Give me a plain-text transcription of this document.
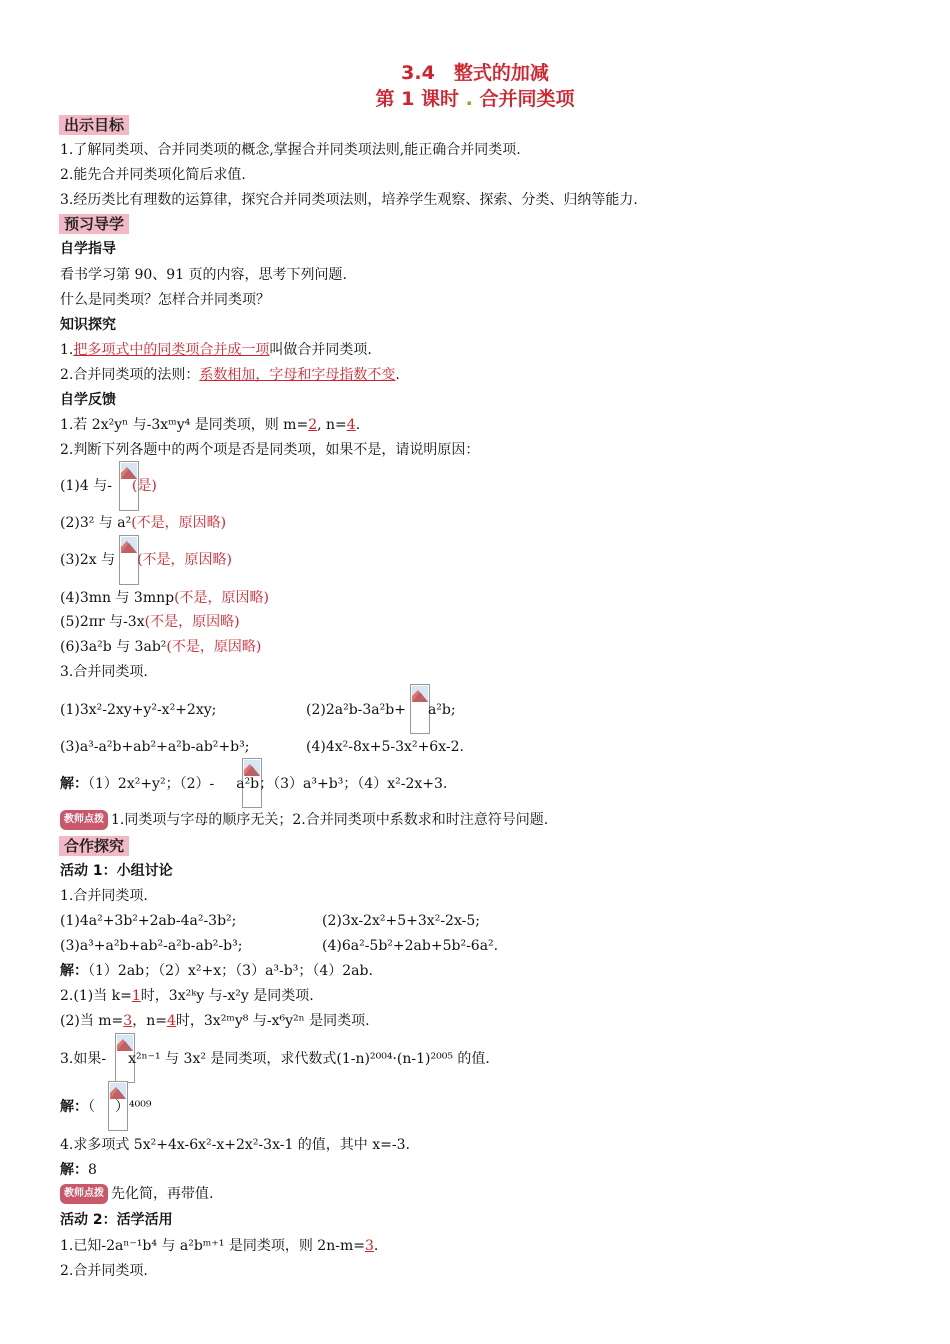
3.4　整式的加减
第 1 课时 . 合并同类项
出示目标
1.了解同类项、合并同类项的概念,掌握合并同类项法则,能正确合并同类项.
2.能先合并同类项化简后求值.
3.经历类比有理数的运算律，探究合并同类项法则，培养学生观察、探索、分类、归纳等能力.
预习导学
自学指导
看书学习第 90、91 页的内容，思考下列问题.
什么是同类项？怎样合并同类项？
知识探究
1.把多项式中的同类项合并成一项叫做合并同类项.
2.合并同类项的法则：系数相加，字母和字母指数不变.
自学反馈
1.若 2x²yⁿ 与-3xᵐy⁴ 是同类项，则 m=2, n=4.
2.判断下列各题中的两个项是否是同类项，如果不是，请说明原因：
(1)4 与- (是)
(2)3² 与 a²(不是，原因略)
(3)2x 与 (不是，原因略)
(4)3mn 与 3mnp(不是，原因略)
(5)2πr 与-3x(不是，原因略)
(6)3a²b 与 3ab²(不是，原因略)
3.合并同类项.
(1)3x²-2xy+y²-x²+2xy;	(2)2a²b-3a²b+ a²b;
(3)a³-a²b+ab²+a²b-ab²+b³;	(4)4x²-8x+5-3x²+6x-2.
解：（1）2x²+y²；（2）- a²b；（3）a³+b³；（4）x²-2x+3.
教师点拨 1.同类项与字母的顺序无关；2.合并同类项中系数求和时注意符号问题.
合作探究
活动 1：小组讨论
1.合并同类项.
(1)4a²+3b²+2ab-4a²-3b²;	(2)3x-2x²+5+3x²-2x-5;
(3)a³+a²b+ab²-a²b-ab²-b³;	(4)6a²-5b²+2ab+5b²-6a².
解：（1）2ab；（2）x²+x；（3）a³-b³；（4）2ab.
2.(1)当 k=1时，3x²ᵏy 与-x²y 是同类项.
(2)当 m=3，n=4时，3x²ᵐy⁸ 与-x⁶y²ⁿ 是同类项.
3.如果- x²ⁿ⁻¹ 与 3x² 是同类项，求代数式(1-n)²⁰⁰⁴·(n-1)²⁰⁰⁵ 的值.
解：（ ）⁴⁰⁰⁹
4.求多项式 5x²+4x-6x²-x+2x²-3x-1 的值，其中 x=-3.
解：8
教师点拨 先化简，再带值.
活动 2：活学活用
1.已知-2aⁿ⁻¹b⁴ 与 a²bᵐ⁺¹ 是同类项，则 2n-m=3.
2.合并同类项.
